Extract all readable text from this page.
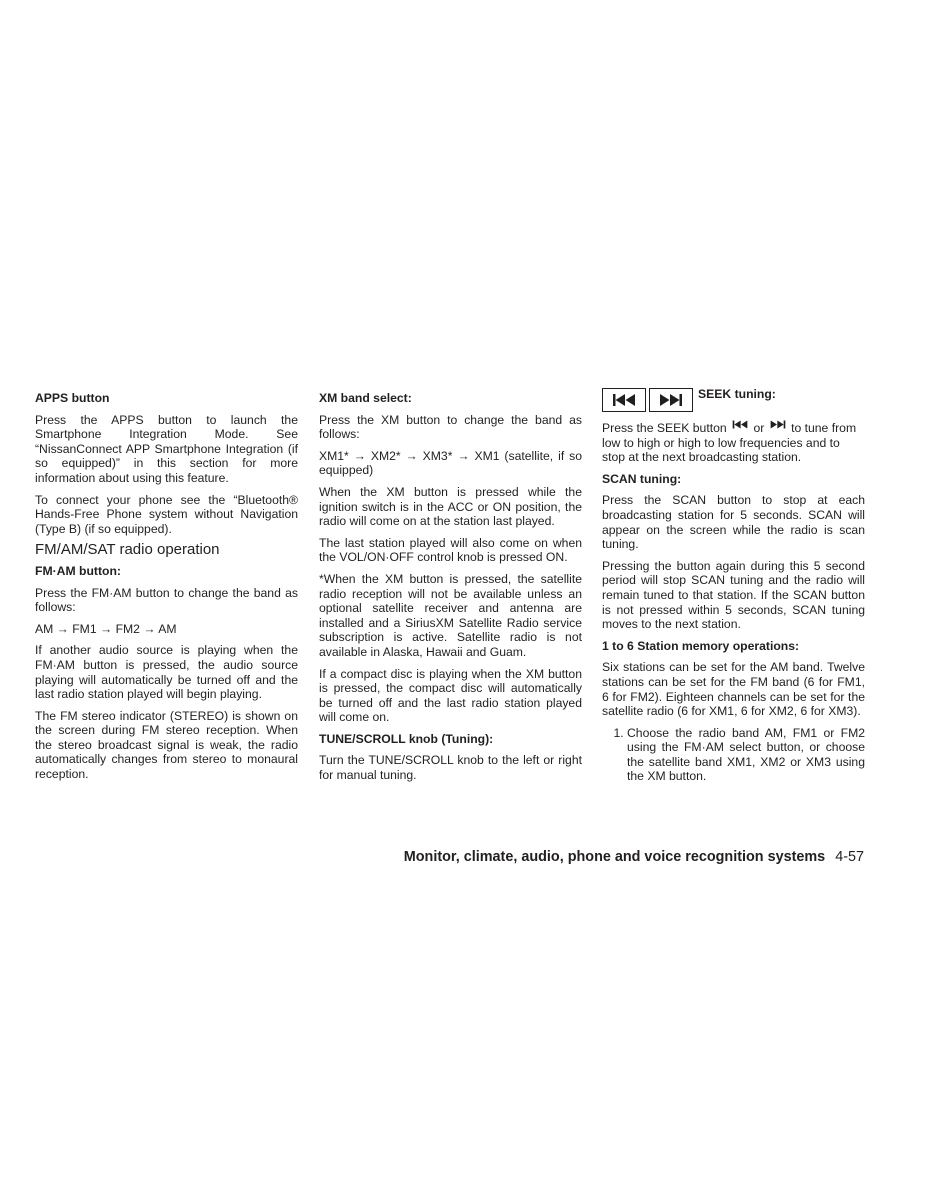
APPS button
Press the APPS button to launch the Smartphone Integration Mode. See “NissanConnect APP Smartphone Integration (if so equipped)” in this section for more information about using this feature.
To connect your phone see the “Bluetooth® Hands-Free Phone system without Navigation (Type B) (if so equipped).
FM/AM/SAT radio operation
FM·AM button:
Press the FM·AM button to change the band as follows:
AM → FM1 → FM2 → AM
If another audio source is playing when the FM·AM button is pressed, the audio source playing will automatically be turned off and the last radio station played will begin playing.
The FM stereo indicator (STEREO) is shown on the screen during FM stereo reception. When the stereo broadcast signal is weak, the radio automatically changes from stereo to monaural reception.
XM band select:
Press the XM button to change the band as follows:
XM1* → XM2* → XM3* → XM1 (satellite, if so equipped)
When the XM button is pressed while the ignition switch is in the ACC or ON position, the radio will come on at the station last played.
The last station played will also come on when the VOL/ON·OFF control knob is pressed ON.
*When the XM button is pressed, the satellite radio reception will not be available unless an optional satellite receiver and antenna are installed and a SiriusXM Satellite Radio service subscription is active. Satellite radio is not available in Alaska, Hawaii and Guam.
If a compact disc is playing when the XM button is pressed, the compact disc will automatically be turned off and the last radio station played will come on.
TUNE/SCROLL knob (Tuning):
Turn the TUNE/SCROLL knob to the left or right for manual tuning.
SEEK tuning:
Press the SEEK button or to tune from low to high or high to low frequencies and to stop at the next broadcasting station.
SCAN tuning:
Press the SCAN button to stop at each broadcasting station for 5 seconds. SCAN will appear on the screen while the radio is scan tuning.
Pressing the button again during this 5 second period will stop SCAN tuning and the radio will remain tuned to that station. If the SCAN button is not pressed within 5 seconds, SCAN tuning moves to the next station.
1 to 6 Station memory operations:
Six stations can be set for the AM band. Twelve stations can be set for the FM band (6 for FM1, 6 for FM2). Eighteen channels can be set for the satellite radio (6 for XM1, 6 for XM2, 6 for XM3).
1. Choose the radio band AM, FM1 or FM2 using the FM·AM select button, or choose the satellite band XM1, XM2 or XM3 using the XM button.
Monitor, climate, audio, phone and voice recognition systems 4-57
